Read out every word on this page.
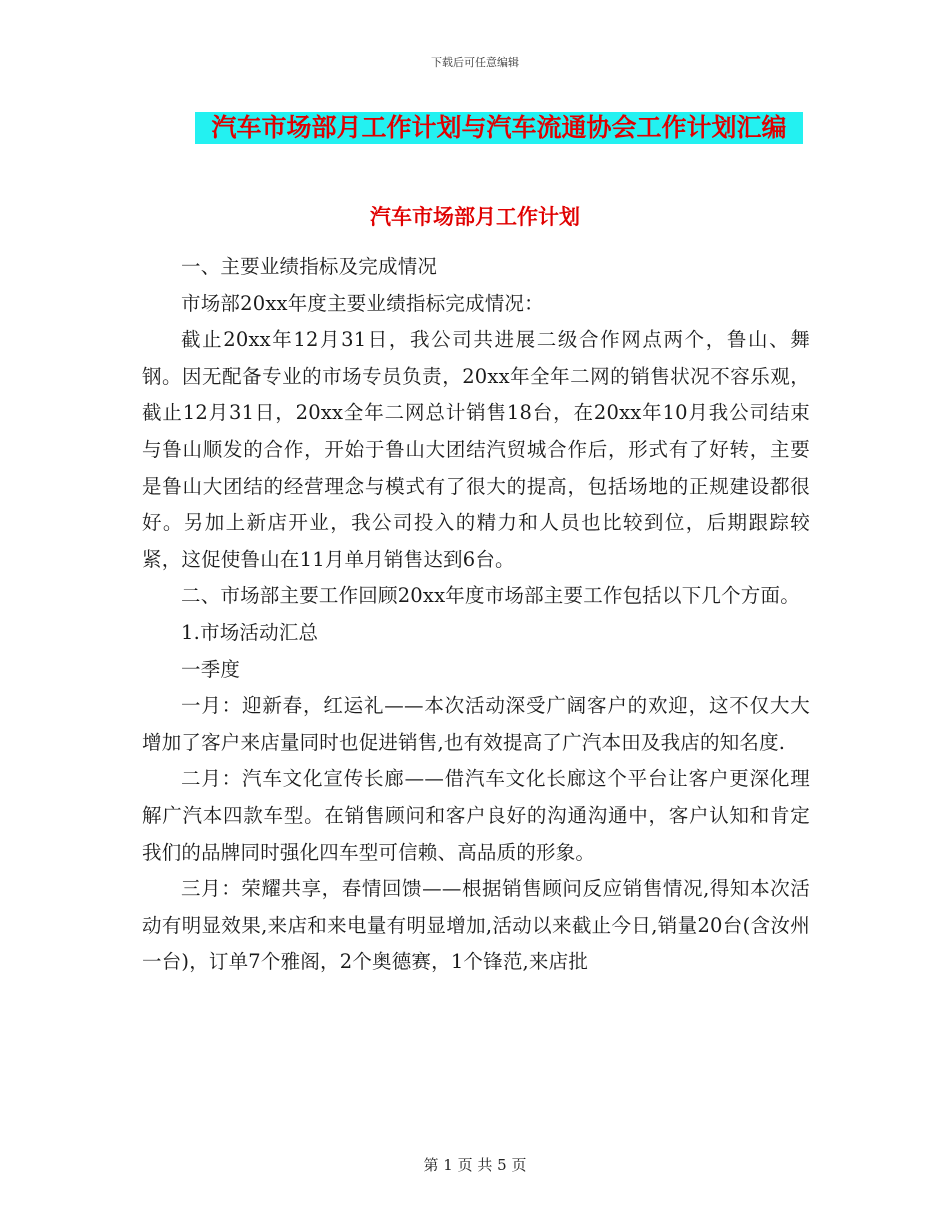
下载后可任意编辑
汽车市场部月工作计划与汽车流通协会工作计划汇编
汽车市场部月工作计划

一、主要业绩指标及完成情况

市场部20xx年度主要业绩指标完成情况：

截止20xx年12月31日，我公司共进展二级合作网点两个，鲁山、舞钢。因无配备专业的市场专员负责，20xx年全年二网的销售状况不容乐观，截止12月31日，20xx全年二网总计销售18台，在20xx年10月我公司结束与鲁山顺发的合作，开始于鲁山大团结汽贸城合作后，形式有了好转，主要是鲁山大团结的经营理念与模式有了很大的提高，包括场地的正规建设都很好。另加上新店开业，我公司投入的精力和人员也比较到位，后期跟踪较紧，这促使鲁山在11月单月销售达到6台。

二、市场部主要工作回顾20xx年度市场部主要工作包括以下几个方面。

1.市场活动汇总

一季度

一月：迎新春，红运礼——本次活动深受广阔客户的欢迎，这不仅大大增加了客户来店量同时也促进销售,也有效提高了广汽本田及我店的知名度.

二月：汽车文化宣传长廊——借汽车文化长廊这个平台让客户更深化理解广汽本四款车型。在销售顾问和客户良好的沟通沟通中，客户认知和肯定我们的品牌同时强化四车型可信赖、高品质的形象。

三月：荣耀共享，春情回馈——根据销售顾问反应销售情况,得知本次活动有明显效果,来店和来电量有明显增加,活动以来截止今日,销量20台(含汝州一台)，订单7个雅阁，2个奥德赛，1个锋范,来店批

第 1 页 共 5 页
